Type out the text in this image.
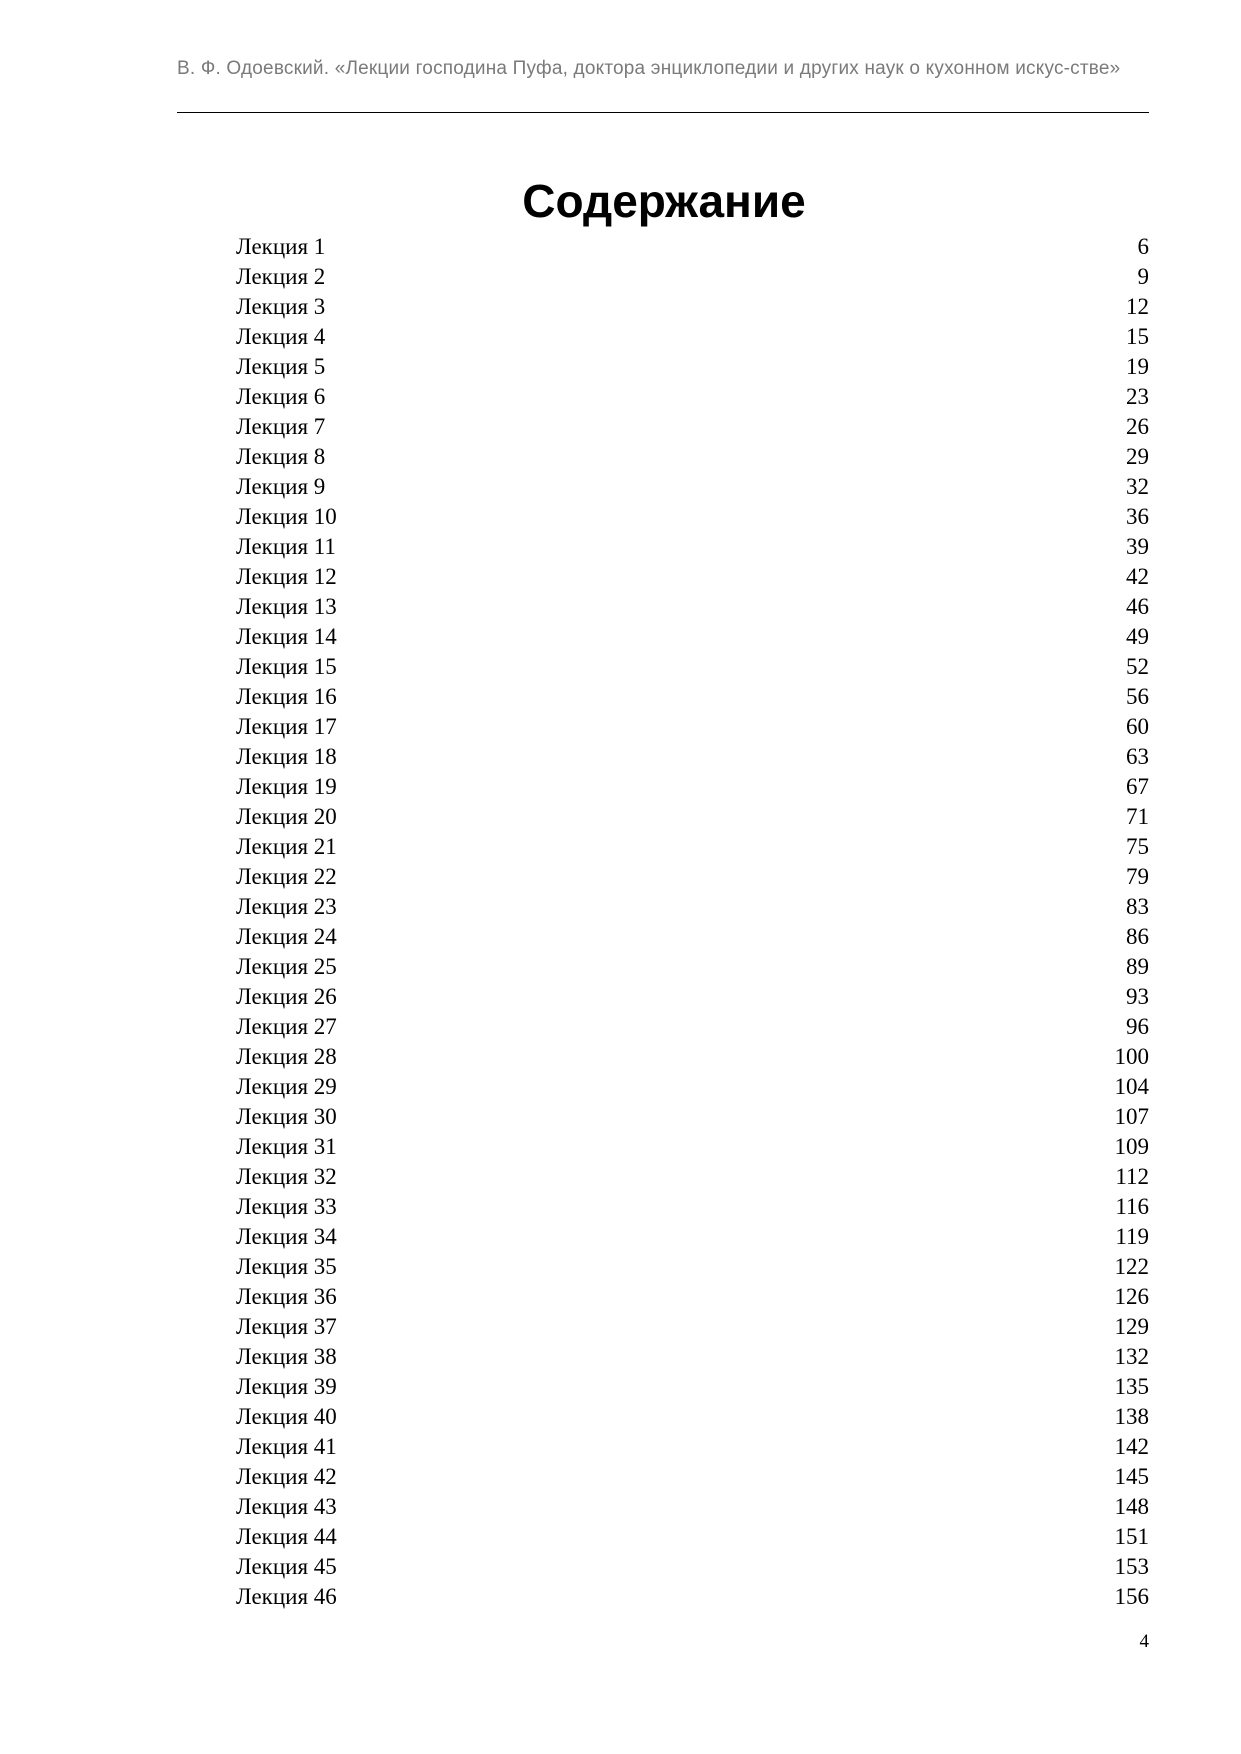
В. Ф. Одоевский. «Лекции господина Пуфа, доктора энциклопедии и других наук о кухонном искус-стве»
Содержание
Лекция 1	6
Лекция 2	9
Лекция 3	12
Лекция 4	15
Лекция 5	19
Лекция 6	23
Лекция 7	26
Лекция 8	29
Лекция 9	32
Лекция 10	36
Лекция 11	39
Лекция 12	42
Лекция 13	46
Лекция 14	49
Лекция 15	52
Лекция 16	56
Лекция 17	60
Лекция 18	63
Лекция 19	67
Лекция 20	71
Лекция 21	75
Лекция 22	79
Лекция 23	83
Лекция 24	86
Лекция 25	89
Лекция 26	93
Лекция 27	96
Лекция 28	100
Лекция 29	104
Лекция 30	107
Лекция 31	109
Лекция 32	112
Лекция 33	116
Лекция 34	119
Лекция 35	122
Лекция 36	126
Лекция 37	129
Лекция 38	132
Лекция 39	135
Лекция 40	138
Лекция 41	142
Лекция 42	145
Лекция 43	148
Лекция 44	151
Лекция 45	153
Лекция 46	156
4
